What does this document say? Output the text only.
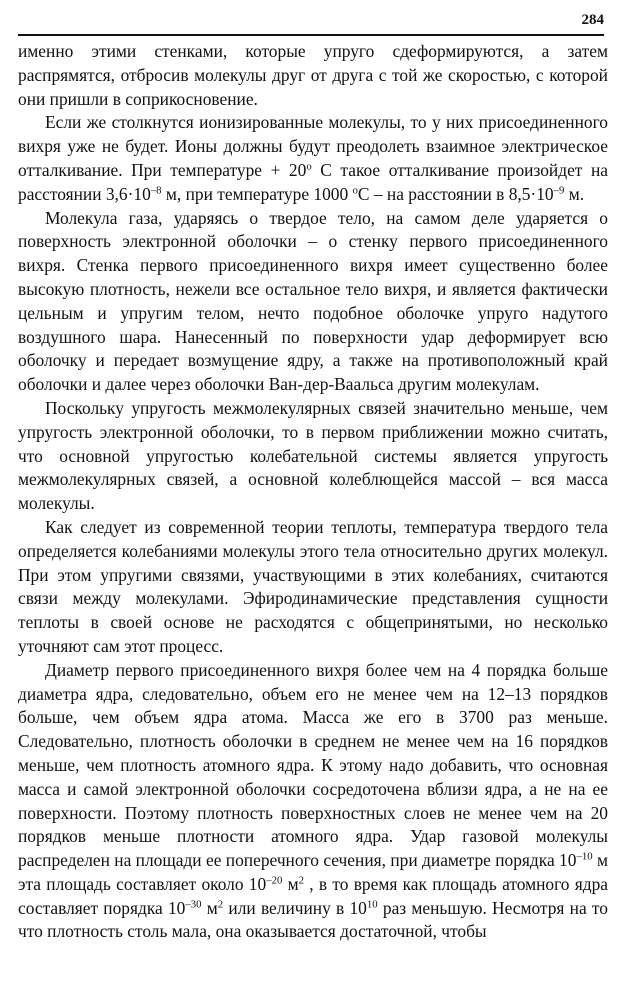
284

именно этими стенками, которые упруго сдеформируются, а затем распрямятся, отбросив молекулы друг от друга с той же скоростью, с которой они пришли в соприкосновение.

Если же столкнутся ионизированные молекулы, то у них присоединенного вихря уже не будет. Ионы должны будут преодолеть взаимное электрическое отталкивание. При температуре + $20^о$ С такое отталкивание произойдет на расстоянии $3,6\cdot 10^{-8}$ м, при температуре 1000 $^о$С – на расстоянии в $8,5\cdot 10^{-9}$ м.

Молекула газа, ударяясь о твердое тело, на самом деле ударяется о поверхность электронной оболочки – о стенку первого присоединенного вихря. Стенка первого присоединенного вихря имеет существенно более высокую плотность, нежели все остальное тело вихря, и является фактически цельным и упругим телом, нечто подобное оболочке упруго надутого воздушного шара. Нанесенный по поверхности удар деформирует всю оболочку и передает возмущение ядру, а также на противоположный край оболочки и далее через оболочки Ван-дер-Ваальса другим молекулам.

Поскольку упругость межмолекулярных связей значительно меньше, чем упругость электронной оболочки, то в первом приближении можно считать, что основной упругостью колебательной системы является упругость межмолекулярных связей, а основной колеблющейся массой – вся масса молекулы.

Как следует из современной теории теплоты, температура твердого тела определяется колебаниями молекулы этого тела относительно других молекул. При этом упругими связями, участвующими в этих колебаниях, считаются связи между молекулами. Эфиродинамические представления сущности теплоты в своей основе не расходятся с общепринятыми, но несколько уточняют сам этот процесс.

Диаметр первого присоединенного вихря более чем на 4 порядка больше диаметра ядра, следовательно, объем его не менее чем на 12–13 порядков больше, чем объем ядра атома. Масса же его в 3700 раз меньше. Следовательно, плотность оболочки в среднем не менее чем на 16 порядков меньше, чем плотность атомного ядра. К этому надо добавить, что основная масса и самой электронной оболочки сосредоточена вблизи ядра, а не на ее поверхности. Поэтому плотность поверхностных слоев не менее чем на 20 порядков меньше плотности атомного ядра. Удар газовой молекулы распределен на площади ее поперечного сечения, при диаметре порядка $10^{-10}$ м эта площадь составляет около $10^{-20}$ $м^2$ , в то время как площадь атомного ядра составляет порядка $10^{-30}$ $м^2$ или величину в $10^{10}$ раз меньшую. Несмотря на то что плотность столь мала, она оказывается достаточной, чтобы
